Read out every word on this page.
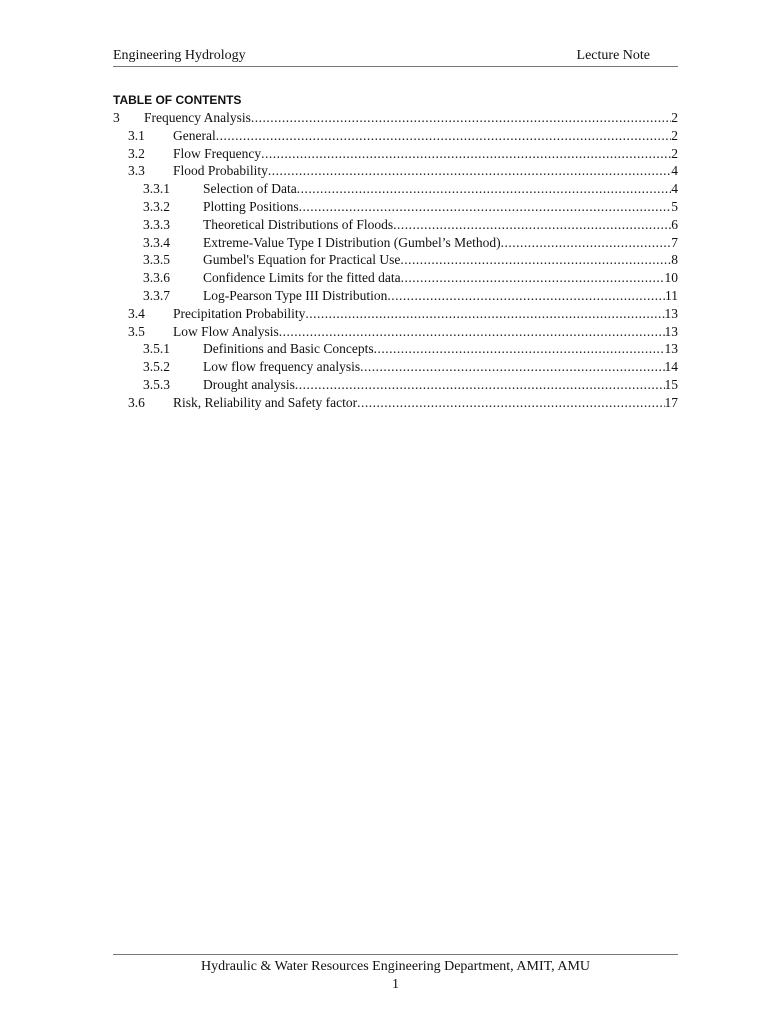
Engineering Hydrology	Lecture Note
TABLE OF CONTENTS
3	Frequency Analysis .....	2
3.1	General .....	2
3.2	Flow Frequency .....	2
3.3	Flood Probability .....	4
3.3.1	Selection of Data .....	4
3.3.2	Plotting Positions .....	5
3.3.3	Theoretical Distributions of Floods .....	6
3.3.4	Extreme-Value Type I Distribution (Gumbel’s Method) .....	7
3.3.5	Gumbel's Equation for Practical Use .....	8
3.3.6	Confidence Limits for the fitted data .....	10
3.3.7	Log-Pearson Type III Distribution .....	11
3.4	Precipitation Probability .....	13
3.5	Low Flow Analysis .....	13
3.5.1	Definitions and Basic Concepts .....	13
3.5.2	Low flow frequency analysis .....	14
3.5.3	Drought analysis .....	15
3.6	Risk, Reliability and Safety factor .....	17
Hydraulic & Water Resources Engineering Department, AMIT, AMU
1
